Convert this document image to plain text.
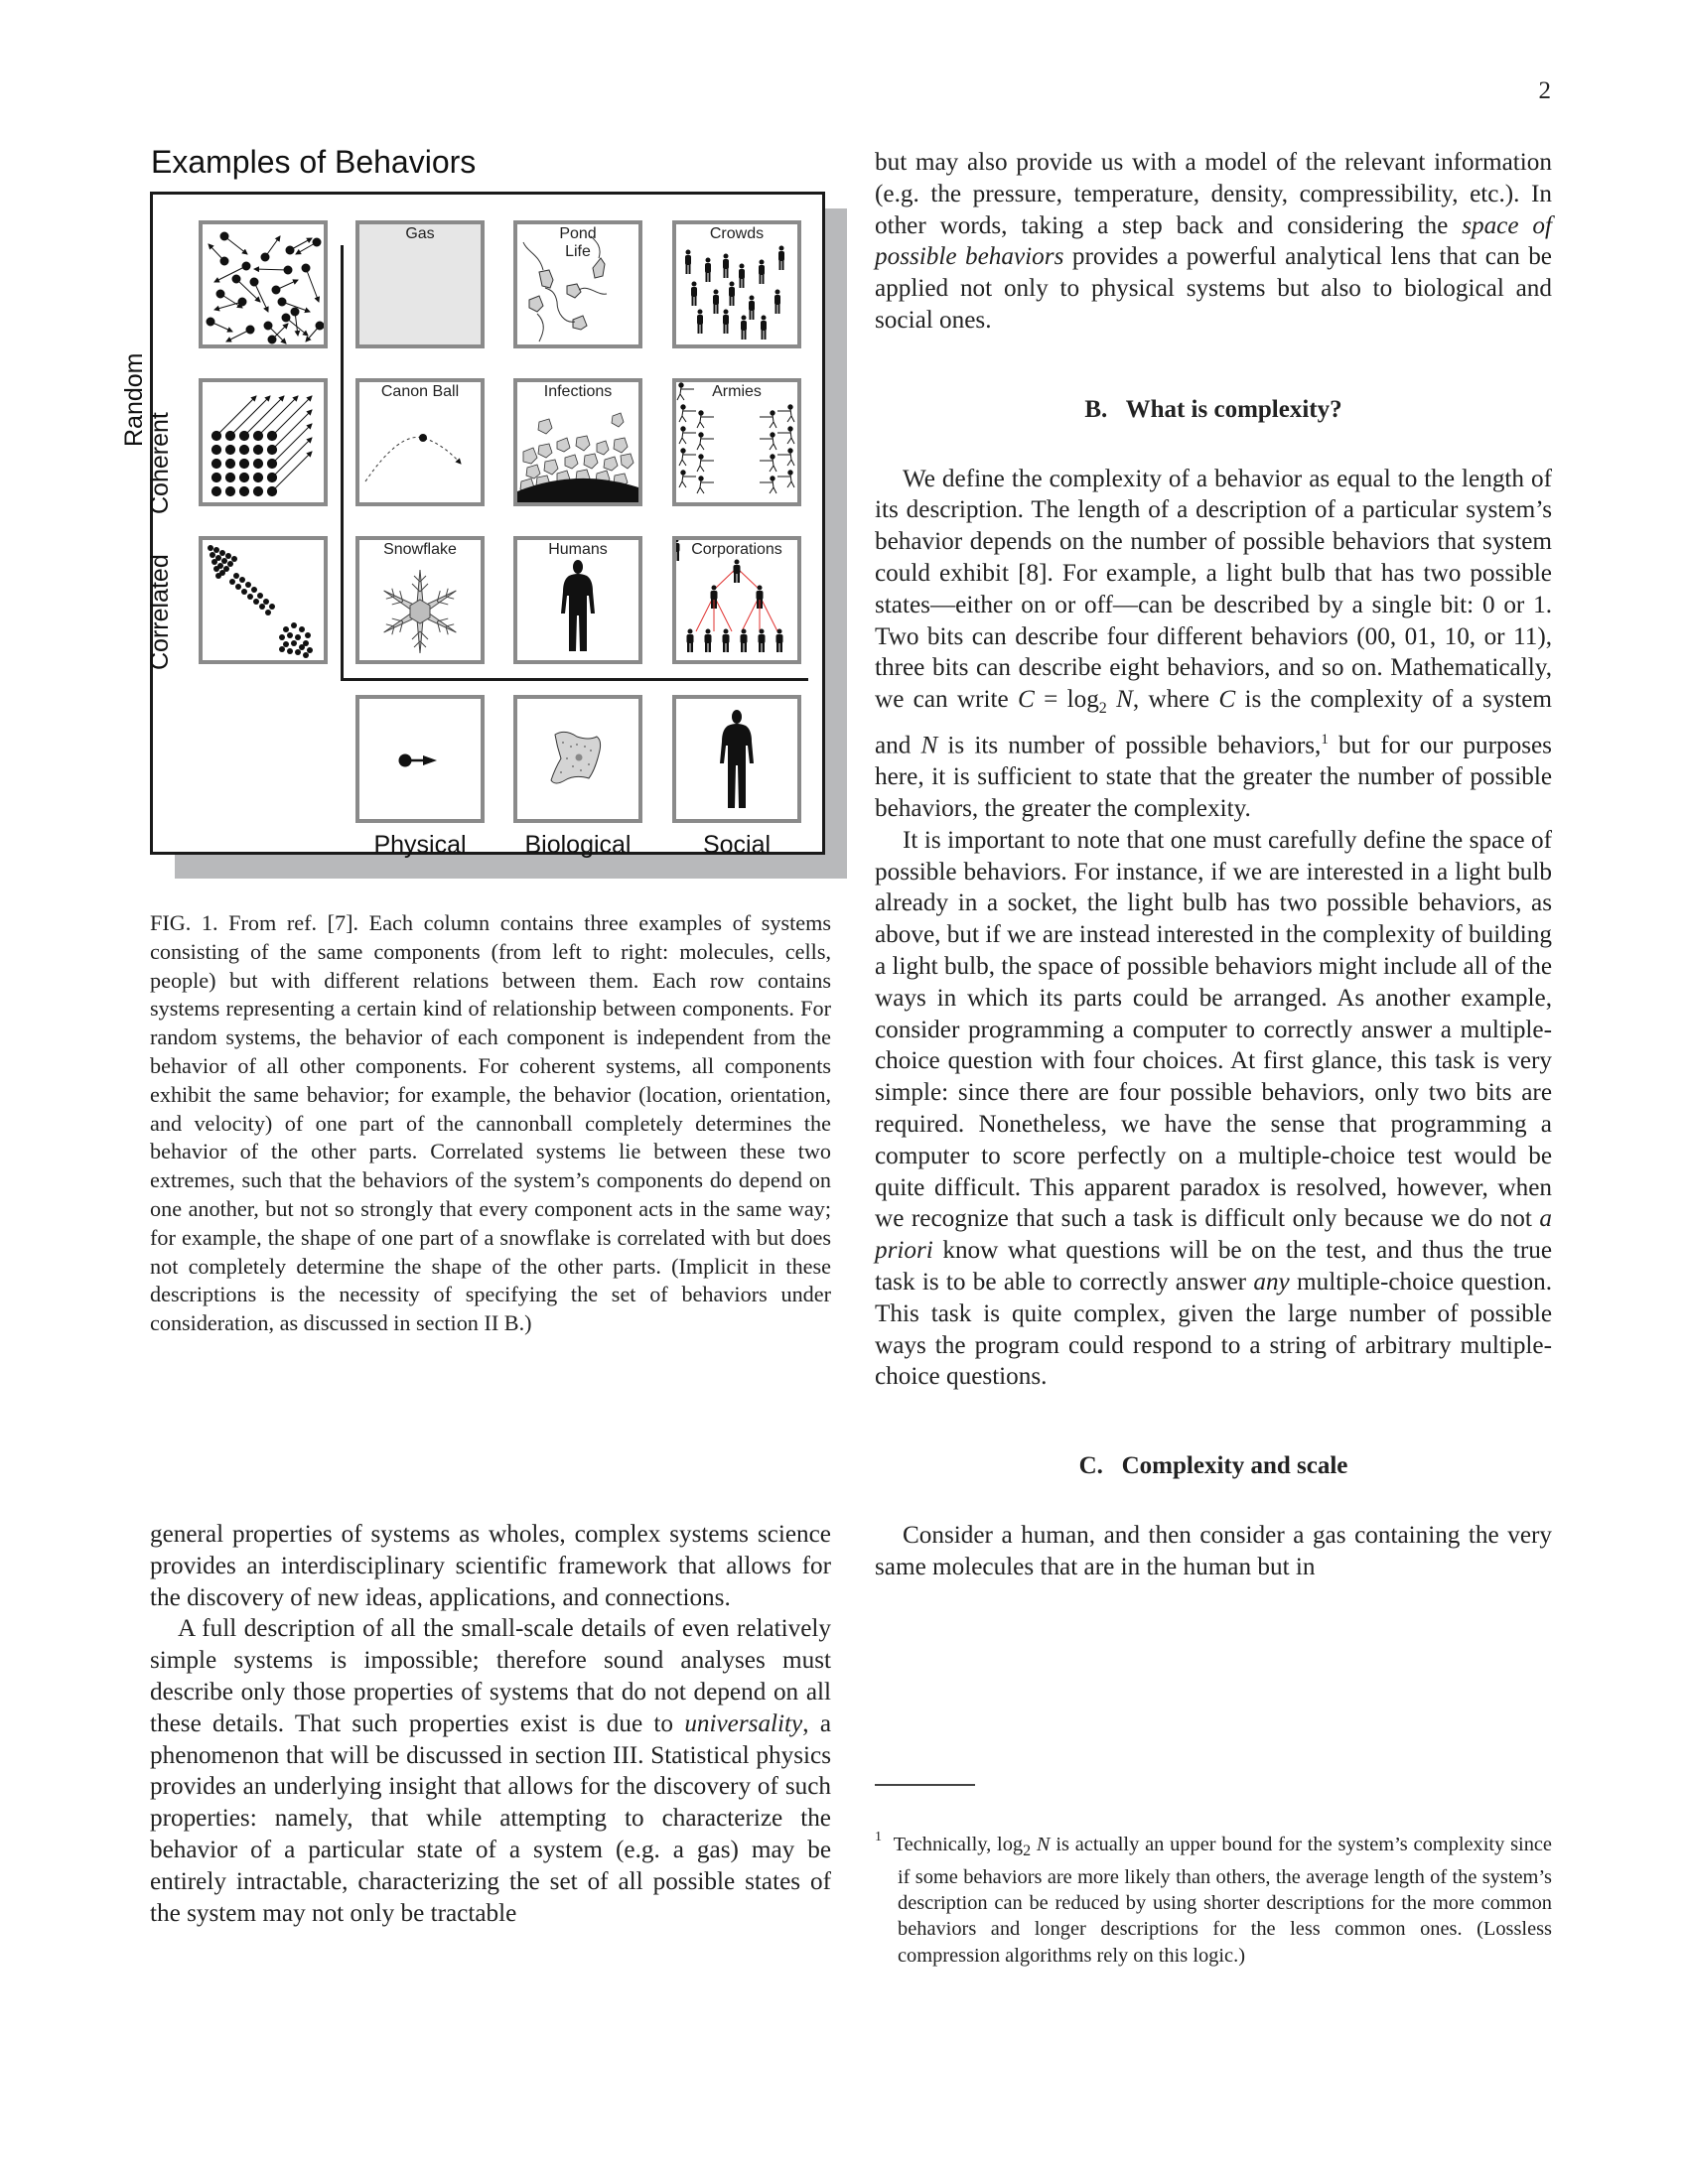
2
Examples of Behaviors
Random
Coherent
Correlated
Gas	Pond
Life
Crowds
Canon Ball	Infections	Armies
Snowflake	Humans	Corporations
Physical	Biological	Social

FIG. 1. From ref. [7]. Each column contains three examples of systems consisting of the same components (from left to right: molecules, cells, people) but with different relations between them. Each row contains systems representing a certain kind of relationship between components. For random systems, the behavior of each component is independent from the behavior of all other components. For coherent systems, all components exhibit the same behavior; for example, the behavior (location, orientation, and velocity) of one part of the cannonball completely determines the behavior of the other parts. Correlated systems lie between these two extremes, such that the behaviors of the system’s components do depend on one another, but not so strongly that every component acts in the same way; for example, the shape of one part of a snowflake is correlated with but does not completely determine the shape of the other parts. (Implicit in these descriptions is the necessity of specifying the set of behaviors under consideration, as discussed in section II B.)

general properties of systems as wholes, complex systems science provides an interdisciplinary scientific framework that allows for the discovery of new ideas, applications, and connections.

A full description of all the small-scale details of even relatively simple systems is impossible; therefore sound analyses must describe only those properties of systems that do not depend on all these details. That such properties exist is due to universality, a phenomenon that will be discussed in section III. Statistical physics provides an underlying insight that allows for the discovery of such properties: namely, that while attempting to characterize the behavior of a particular state of a system (e.g. a gas) may be entirely intractable, characterizing the set of all possible states of the system may not only be tractable

but may also provide us with a model of the relevant information (e.g. the pressure, temperature, density, compressibility, etc.). In other words, taking a step back and considering the space of possible behaviors provides a powerful analytical lens that can be applied not only to physical systems but also to biological and social ones.

B.   What is complexity?

We define the complexity of a behavior as equal to the length of its description. The length of a description of a particular system’s behavior depends on the number of possible behaviors that system could exhibit [8]. For example, a light bulb that has two possible states—either on or off—can be described by a single bit: 0 or 1. Two bits can describe four different behaviors (00, 01, 10, or 11), three bits can describe eight behaviors, and so on. Mathematically, we can write $C = \log_2 N$, where C is the complexity of a system and N is its number of possible behaviors,$^1$ but for our purposes here, it is sufficient to state that the greater the number of possible behaviors, the greater the complexity.

It is important to note that one must carefully define the space of possible behaviors. For instance, if we are interested in a light bulb already in a socket, the light bulb has two possible behaviors, as above, but if we are instead interested in the complexity of building a light bulb, the space of possible behaviors might include all of the ways in which its parts could be arranged. As another example, consider programming a computer to correctly answer a multiple-choice question with four choices. At first glance, this task is very simple: since there are four possible behaviors, only two bits are required. Nonetheless, we have the sense that programming a computer to score perfectly on a multiple-choice test would be quite difficult. This apparent paradox is resolved, however, when we recognize that such a task is difficult only because we do not a priori know what questions will be on the test, and thus the true task is to be able to correctly answer any multiple-choice question. This task is quite complex, given the large number of possible ways the program could respond to a string of arbitrary multiple-choice questions.

C.   Complexity and scale

Consider a human, and then consider a gas containing the very same molecules that are in the human but in

$^1$ Technically, $\log_2 N$ is actually an upper bound for the system’s complexity since if some behaviors are more likely than others, the average length of the system’s description can be reduced by using shorter descriptions for the more common behaviors and longer descriptions for the less common ones. (Lossless compression algorithms rely on this logic.)
